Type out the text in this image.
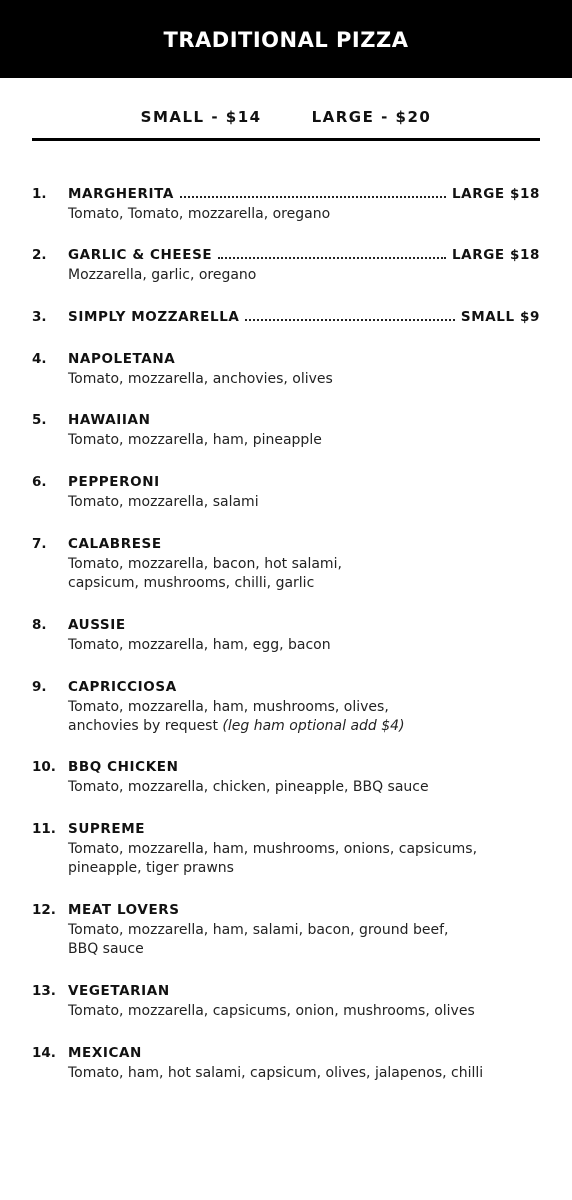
TRADITIONAL PIZZA
SMALL - $14	LARGE - $20
1. MARGHERITA	LARGE $18
Tomato, Tomato, mozzarella, oregano
2. GARLIC & CHEESE	LARGE $18
Mozzarella, garlic, oregano
3. SIMPLY MOZZARELLA	SMALL $9
4. NAPOLETANA
Tomato, mozzarella, anchovies, olives
5. HAWAIIAN
Tomato, mozzarella, ham, pineapple
6. PEPPERONI
Tomato, mozzarella, salami
7. CALABRESE
Tomato, mozzarella, bacon, hot salami,
capsicum, mushrooms, chilli, garlic
8. AUSSIE
Tomato, mozzarella, ham, egg, bacon
9. CAPRICCIOSA
Tomato, mozzarella, ham, mushrooms, olives,
anchovies by request (leg ham optional add $4)
10. BBQ CHICKEN
Tomato, mozzarella, chicken, pineapple, BBQ sauce
11. SUPREME
Tomato, mozzarella, ham, mushrooms, onions, capsicums,
pineapple, tiger prawns
12. MEAT LOVERS
Tomato, mozzarella, ham, salami, bacon, ground beef,
BBQ sauce
13. VEGETARIAN
Tomato, mozzarella, capsicums, onion, mushrooms, olives
14. MEXICAN
Tomato, ham, hot salami, capsicum, olives, jalapenos, chilli
